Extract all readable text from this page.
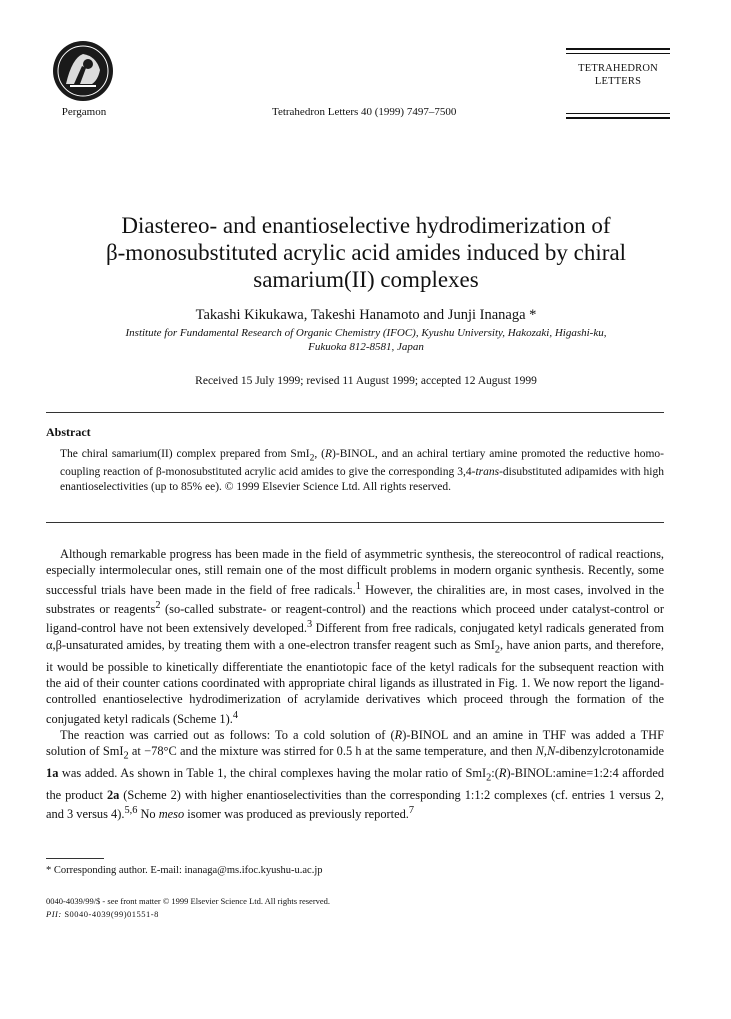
Pergamon	Tetrahedron Letters 40 (1999) 7497–7500
TETRAHEDRON
LETTERS
Diastereo- and enantioselective hydrodimerization of
β-monosubstituted acrylic acid amides induced by chiral
samarium(II) complexes
Takashi Kikukawa, Takeshi Hanamoto and Junji Inanaga *
Institute for Fundamental Research of Organic Chemistry (IFOC), Kyushu University, Hakozaki, Higashi-ku,
Fukuoka 812-8581, Japan
Received 15 July 1999; revised 11 August 1999; accepted 12 August 1999
Abstract
The chiral samarium(II) complex prepared from SmI$_2$, (R)-BINOL, and an achiral tertiary amine promoted the reductive homo-coupling reaction of β-monosubstituted acrylic acid amides to give the corresponding 3,4-trans-disubstituted adipamides with high enantioselectivities (up to 85% ee). © 1999 Elsevier Science Ltd. All rights reserved.

Although remarkable progress has been made in the field of asymmetric synthesis, the stereocontrol of radical reactions, especially intermolecular ones, still remain one of the most difficult problems in modern organic synthesis. Recently, some successful trials have been made in the field of free radicals.$^1$ However, the chiralities are, in most cases, involved in the substrates or reagents$^2$ (so-called substrate- or reagent-control) and the reactions which proceed under catalyst-control or ligand-control have not been extensively developed.$^3$ Different from free radicals, conjugated ketyl radicals generated from α,β-unsaturated amides, by treating them with a one-electron transfer reagent such as SmI$_2$, have anion parts, and therefore, it would be possible to kinetically differentiate the enantiotopic face of the ketyl radicals for the subsequent reaction with the aid of their counter cations coordinated with appropriate chiral ligands as illustrated in Fig. 1. We now report the ligand-controlled enantioselective hydrodimerization of acrylamide derivatives which proceed through the formation of the conjugated ketyl radicals (Scheme 1).$^4$

The reaction was carried out as follows: To a cold solution of (R)-BINOL and an amine in THF was added a THF solution of SmI$_2$ at −78°C and the mixture was stirred for 0.5 h at the same temperature, and then N,N-dibenzylcrotonamide 1a was added. As shown in Table 1, the chiral complexes having the molar ratio of SmI$_2$:(R)-BINOL:amine=1:2:4 afforded the product 2a (Scheme 2) with higher enantioselectivities than the corresponding 1:1:2 complexes (cf. entries 1 versus 2, and 3 versus 4).$^{5,6}$ No meso isomer was produced as previously reported.$^7$

* Corresponding author. E-mail: inanaga@ms.ifoc.kyushu-u.ac.jp
0040-4039/99/$ - see front matter © 1999 Elsevier Science Ltd. All rights reserved.
PII: S0040-4039(99)01551-8
